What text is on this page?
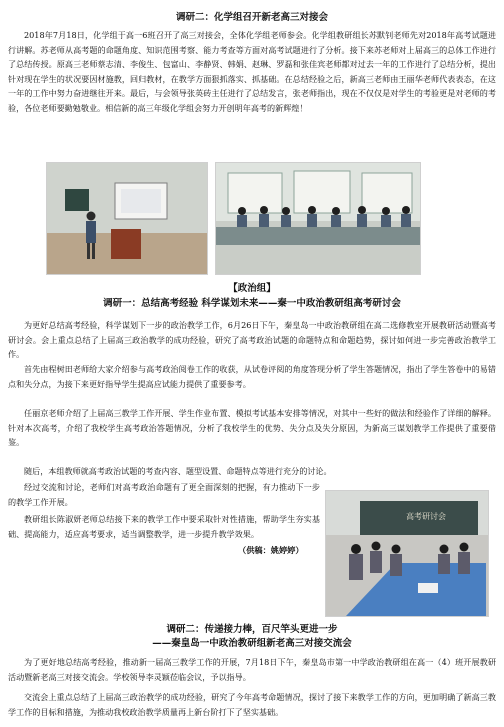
调研二：化学组召开新老高三对接会

2018年7月18日，化学组于高一6班召开了高三对接会，全体化学组老师参会。化学组教研组长苏默钊老师先对2018年高考试题进行讲解。苏老师从高考题的命题角度、知识范围考察、能力考查等方面对高考试题进行了分析。接下来苏老师对上届高三的总体工作进行了总结传授。原高三老师蔡志清、李俊生、包富山、李静贤、韩娟、赵琳、罗磊和张佳宾老师都对过去一年的工作进行了总结分析，提出针对现在学生的状况要因材施教，回归教材，在教学方面狠抓落实、抓基础。在总结经验之后，新高三老师由王丽华老师代表表态，在这一年的工作中努力奋进继往开来。最后，与会领导张英砖主任进行了总结发言，张老师指出，现在不仅仅是对学生的考验更是对老师的考验，各位老师要勤勉敬业。相信新的高三年级化学组会努力开创明年高考的新辉煌！

【政治组】
调研一：总结高考经验 科学谋划未来——秦一中政治教研组高考研讨会

为更好总结高考经验，科学谋划下一步的政治教学工作，6月26日下午，秦皇岛一中政治教研组在高二选修教室开展教研活动暨高考研讨会。会上重点总结了上届高三政治教学的成功经验，研究了高考政治试题的命题特点和命题趋势，探讨如何进一步完善政治教学工作。

首先由程树田老师给大家介绍参与高考政治阅卷工作的收获，从试卷评阅的角度答现分析了学生答题情况，指出了学生答卷中的易错点和失分点，为接下来更好指导学生提高应试能力提供了重要参考。

任丽京老师介绍了上届高三教学工作开展、学生作业布置、模拟考试基本安排等情况，对其中一些好的做法和经验作了详细的解释。针对本次高考，介绍了我校学生高考政治答题情况，分析了我校学生的优势、失分点及失分原因，为新高三谋划教学工作提供了重要借鉴。

随后，本组教师就高考政治试题的考查内容、题型设置、命题特点等进行充分的讨论。

经过交流和讨论，老师们对高考政治命题有了更全面深刻的把握，有力推动下一步的教学工作开展。

教研组长陈淑妍老师总结接下来的教学工作中要采取针对性措施，帮助学生夯实基础、提高能力，适应高考要求，适当调整教学，进一步提升教学效果。

（供稿：姚婷婷）
高考研讨会
调研二：传递接力棒，百尺竿头更进一步
——秦皇岛一中政治教研组新老高三对接交流会

为了更好地总结高考经验，推动新一届高三教学工作的开展，7月18日下午，秦皇岛市第一中学政治教研组在高一（4）班开展教研活动暨新老高三对接交流会。学校领导李灵颖莅临会议，予以指导。

交流会上重点总结了上届高三政治教学的成功经验，研究了今年高考命题情况，探讨了接下来教学工作的方向，更加明确了新高三教学工作的目标和措施，为推动我校政治教学质量再上新台阶打下了坚实基础。
